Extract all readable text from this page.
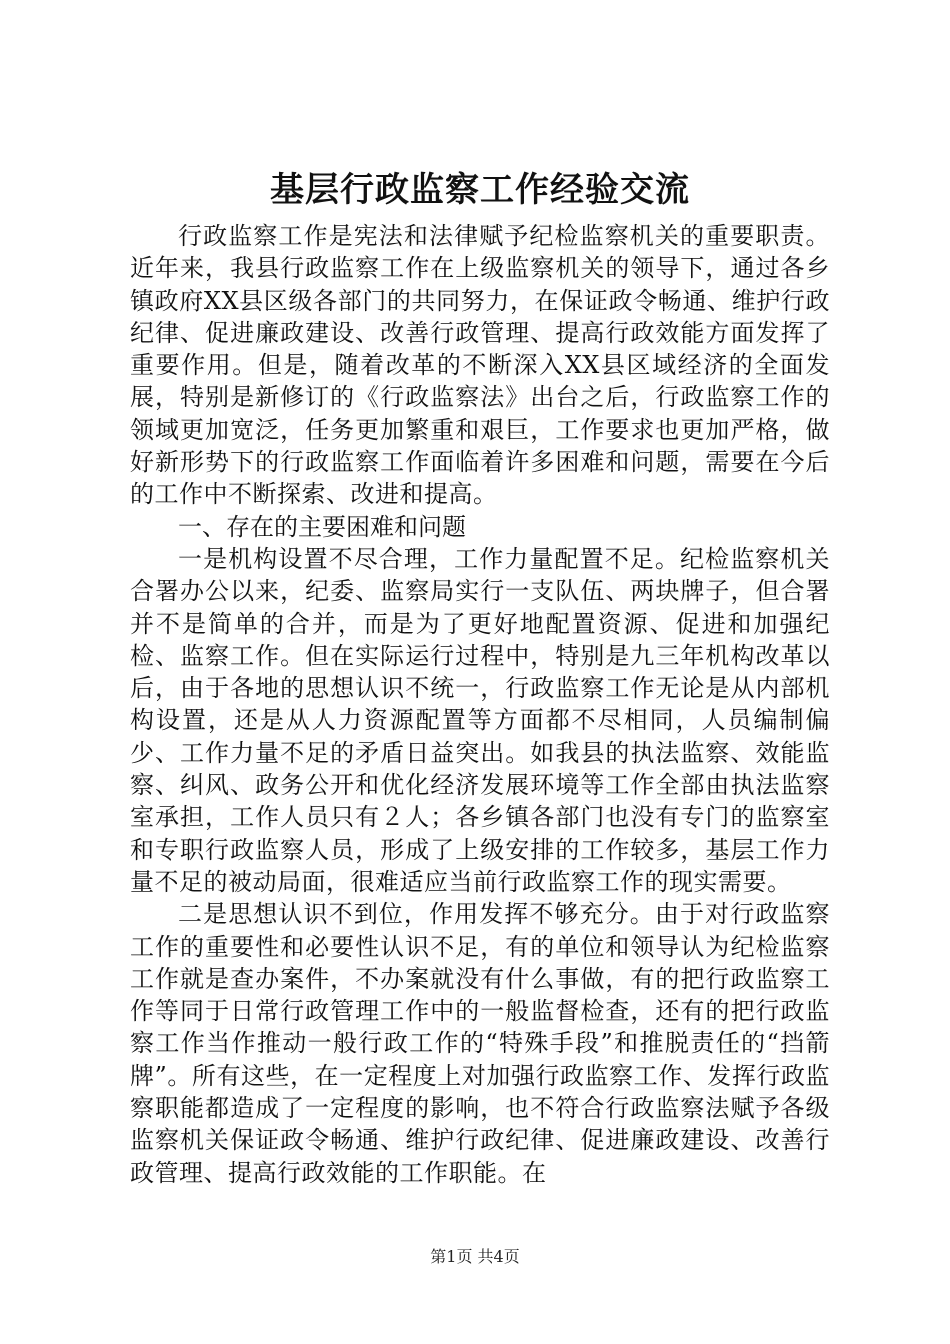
基层行政监察工作经验交流

行政监察工作是宪法和法律赋予纪检监察机关的重要职责。近年来，我县行政监察工作在上级监察机关的领导下，通过各乡镇政府XX县区级各部门的共同努力，在保证政令畅通、维护行政纪律、促进廉政建设、改善行政管理、提高行政效能方面发挥了重要作用。但是，随着改革的不断深入XX县区域经济的全面发展，特别是新修订的《行政监察法》出台之后，行政监察工作的领域更加宽泛，任务更加繁重和艰巨，工作要求也更加严格，做好新形势下的行政监察工作面临着许多困难和问题，需要在今后的工作中不断探索、改进和提高。

一、存在的主要困难和问题

一是机构设置不尽合理，工作力量配置不足。纪检监察机关合署办公以来，纪委、监察局实行一支队伍、两块牌子，但合署并不是简单的合并，而是为了更好地配置资源、促进和加强纪检、监察工作。但在实际运行过程中，特别是九三年机构改革以后，由于各地的思想认识不统一，行政监察工作无论是从内部机构设置，还是从人力资源配置等方面都不尽相同，人员编制偏少、工作力量不足的矛盾日益突出。如我县的执法监察、效能监察、纠风、政务公开和优化经济发展环境等工作全部由执法监察室承担，工作人员只有２人；各乡镇各部门也没有专门的监察室和专职行政监察人员，形成了上级安排的工作较多，基层工作力量不足的被动局面，很难适应当前行政监察工作的现实需要。

二是思想认识不到位，作用发挥不够充分。由于对行政监察工作的重要性和必要性认识不足，有的单位和领导认为纪检监察工作就是查办案件，不办案就没有什么事做，有的把行政监察工作等同于日常行政管理工作中的一般监督检查，还有的把行政监察工作当作推动一般行政工作的“特殊手段”和推脱责任的“挡箭牌”。所有这些，在一定程度上对加强行政监察工作、发挥行政监察职能都造成了一定程度的影响，也不符合行政监察法赋予各级监察机关保证政令畅通、维护行政纪律、促进廉政建设、改善行政管理、提高行政效能的工作职能。在

第1页 共4页
